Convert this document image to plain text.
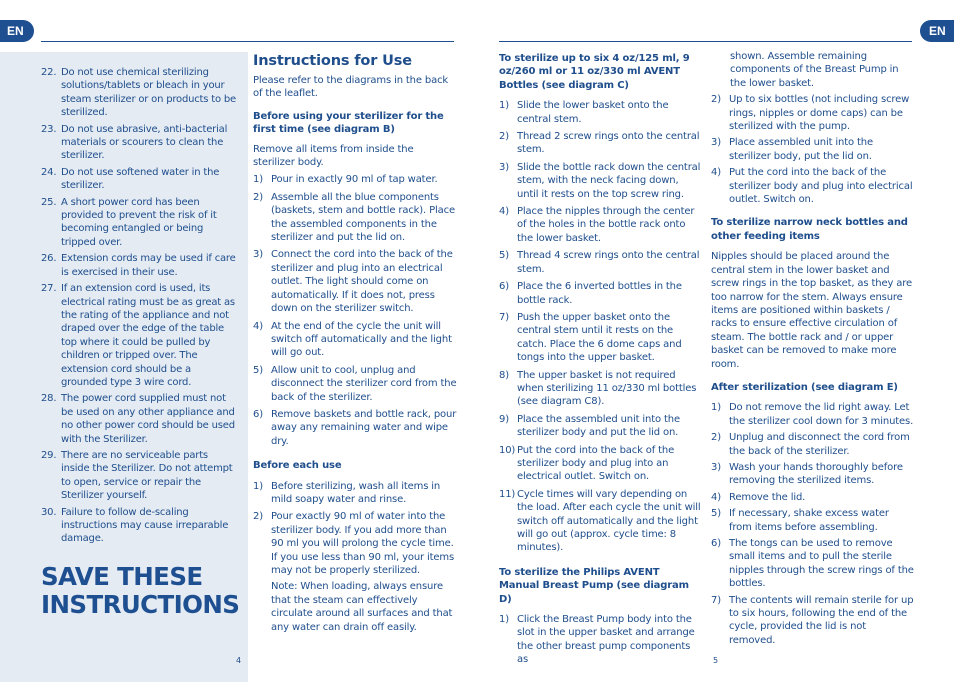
EN	EN
22. Do not use chemical sterilizing solutions/tablets or bleach in your steam sterilizer or on products to be sterilized.
23. Do not use abrasive, anti-bacterial materials or scourers to clean the sterilizer.
24. Do not use softened water in the sterilizer.
25. A short power cord has been provided to prevent the risk of it becoming entangled or being tripped over.
26. Extension cords may be used if care is exercised in their use.
27. If an extension cord is used, its electrical rating must be as great as the rating of the appliance and not draped over the edge of the table top where it could be pulled by children or tripped over. The extension cord should be a grounded type 3 wire cord.
28. The power cord supplied must not be used on any other appliance and no other power cord should be used with the Sterilizer.
29. There are no serviceable parts inside the Sterilizer. Do not attempt to open, service or repair the Sterilizer yourself.
30. Failure to follow de-scaling instructions may cause irreparable damage.
SAVE THESE INSTRUCTIONS
Instructions for Use

Please refer to the diagrams in the back of the leaflet.

Before using your sterilizer for the first time (see diagram B)

Remove all items from inside the sterilizer body.

1) Pour in exactly 90 ml of tap water.
2) Assemble all the blue components (baskets, stem and bottle rack). Place the assembled components in the sterilizer and put the lid on.
3) Connect the cord into the back of the sterilizer and plug into an electrical outlet. The light should come on automatically. If it does not, press down on the sterilizer switch.
4) At the end of the cycle the unit will switch off automatically and the light will go out.
5) Allow unit to cool, unplug and disconnect the sterilizer cord from the back of the sterilizer.
6) Remove baskets and bottle rack, pour away any remaining water and wipe dry.

Before each use

1) Before sterilizing, wash all items in mild soapy water and rinse.
2) Pour exactly 90 ml of water into the sterilizer body. If you add more than 90 ml you will prolong the cycle time. If you use less than 90 ml, your items may not be properly sterilized.

Note: When loading, always ensure that the steam can effectively circulate around all surfaces and that any water can drain off easily.

To sterilize up to six 4 oz/125 ml, 9 oz/260 ml or 11 oz/330 ml AVENT Bottles (see diagram C)

1) Slide the lower basket onto the central stem.
2) Thread 2 screw rings onto the central stem.
3) Slide the bottle rack down the central stem, with the neck facing down, until it rests on the top screw ring.
4) Place the nipples through the center of the holes in the bottle rack onto the lower basket.
5) Thread 4 screw rings onto the central stem.
6) Place the 6 inverted bottles in the bottle rack.
7) Push the upper basket onto the central stem until it rests on the catch. Place the 6 dome caps and tongs into the upper basket.
8) The upper basket is not required when sterilizing 11 oz/330 ml bottles (see diagram C8).
9) Place the assembled unit into the sterilizer body and put the lid on.
10) Put the cord into the back of the sterilizer body and plug into an electrical outlet. Switch on.
11) Cycle times will vary depending on the load. After each cycle the unit will switch off automatically and the light will go out (approx. cycle time: 8 minutes).

To sterilize the Philips AVENT Manual Breast Pump (see diagram D)

1) Click the Breast Pump body into the slot in the upper basket and arrange the other breast pump components as

shown. Assemble remaining components of the Breast Pump in the lower basket.

2) Up to six bottles (not including screw rings, nipples or dome caps) can be sterilized with the pump.
3) Place assembled unit into the sterilizer body, put the lid on.
4) Put the cord into the back of the sterilizer body and plug into electrical outlet. Switch on.

To sterilize narrow neck bottles and other feeding items

Nipples should be placed around the central stem in the lower basket and screw rings in the top basket, as they are too narrow for the stem. Always ensure items are positioned within baskets / racks to ensure effective circulation of steam. The bottle rack and / or upper basket can be removed to make more room.

After sterilization (see diagram E)

1) Do not remove the lid right away. Let the sterilizer cool down for 3 minutes.
2) Unplug and disconnect the cord from the back of the sterilizer.
3) Wash your hands thoroughly before removing the sterilized items.
4) Remove the lid.
5) If necessary, shake excess water from items before assembling.
6) The tongs can be used to remove small items and to pull the sterile nipples through the screw rings of the bottles.
7) The contents will remain sterile for up to six hours, following the end of the cycle, provided the lid is not removed.
4	5
